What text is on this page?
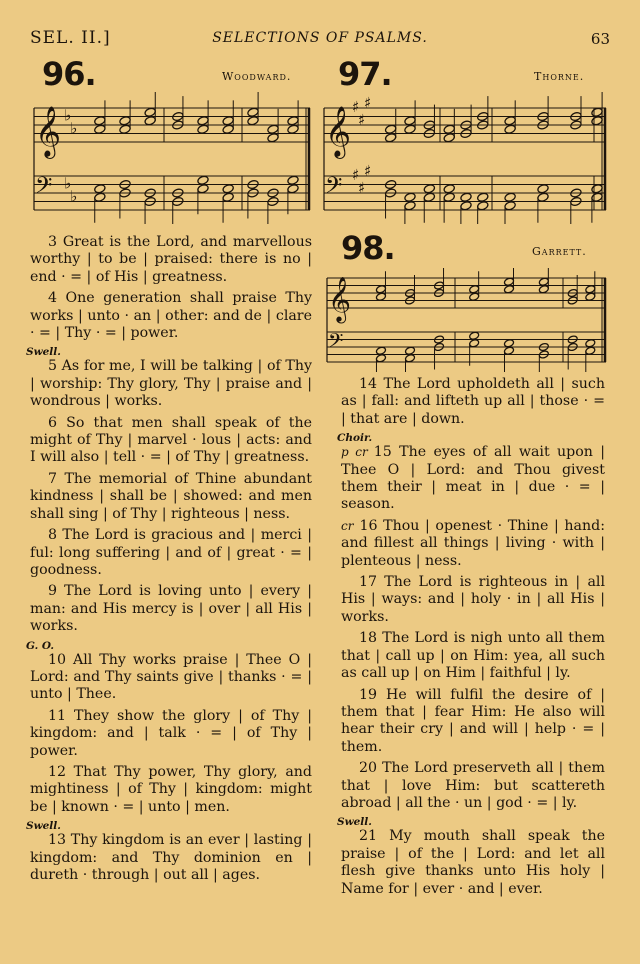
SEL. II.]	SELECTIONS OF PSALMS.	63
96.	Woodward.
𝄞
𝄢
♭
♭
♭
♭
97.	Thorne.
𝄞
𝄢
♯
♯
♯
♯
♯
♯
98.	Garrett.
𝄞
𝄢
3 Great is the Lord, and marvellous worthy | to be | praised: there is no | end · = | of His | greatness.
4 One generation shall praise Thy works | unto · an | other: and de | clare · = | Thy · = | power.
Swell.
5 As for me, I will be talking | of Thy | worship: Thy glory, Thy | praise and | wondrous | works.
6 So that men shall speak of the might of Thy | marvel · lous | acts: and I will also | tell · = | of Thy | greatness.
7 The memorial of Thine abundant kindness | shall be | showed: and men shall sing | of Thy | righteous | ness.
8 The Lord is gracious and | merci | ful: long suffering | and of | great · = | goodness.
9 The Lord is loving unto | every | man: and His mercy is | over | all His | works.
G. O.
10 All Thy works praise | Thee O | Lord: and Thy saints give | thanks · = | unto | Thee.
11 They show the glory | of Thy | kingdom: and | talk · = | of Thy | power.
12 That Thy power, Thy glory, and mightiness | of Thy | kingdom: might be | known · = | unto | men.
Swell.
13 Thy kingdom is an ever | lasting | kingdom: and Thy dominion en | dureth · through | out all | ages.
14 The Lord upholdeth all | such as | fall: and lifteth up all | those · = | that are | down.
Choir.
p cr 15 The eyes of all wait upon | Thee O | Lord: and Thou givest them their | meat in | due · = | season.
cr 16 Thou | openest · Thine | hand: and fillest all things | living · with | plenteous | ness.
17 The Lord is righteous in | all His | ways: and | holy · in | all His | works.
18 The Lord is nigh unto all them that | call up | on Him: yea, all such as call up | on Him | faithful | ly.
19 He will fulfil the desire of | them that | fear Him: He also will hear their cry | and will | help · = | them.
20 The Lord preserveth all | them that | love Him: but scattereth abroad | all the · un | god · = | ly.
Swell.
21 My mouth shall speak the praise | of the | Lord: and let all flesh give thanks unto His holy | Name for | ever · and | ever.
